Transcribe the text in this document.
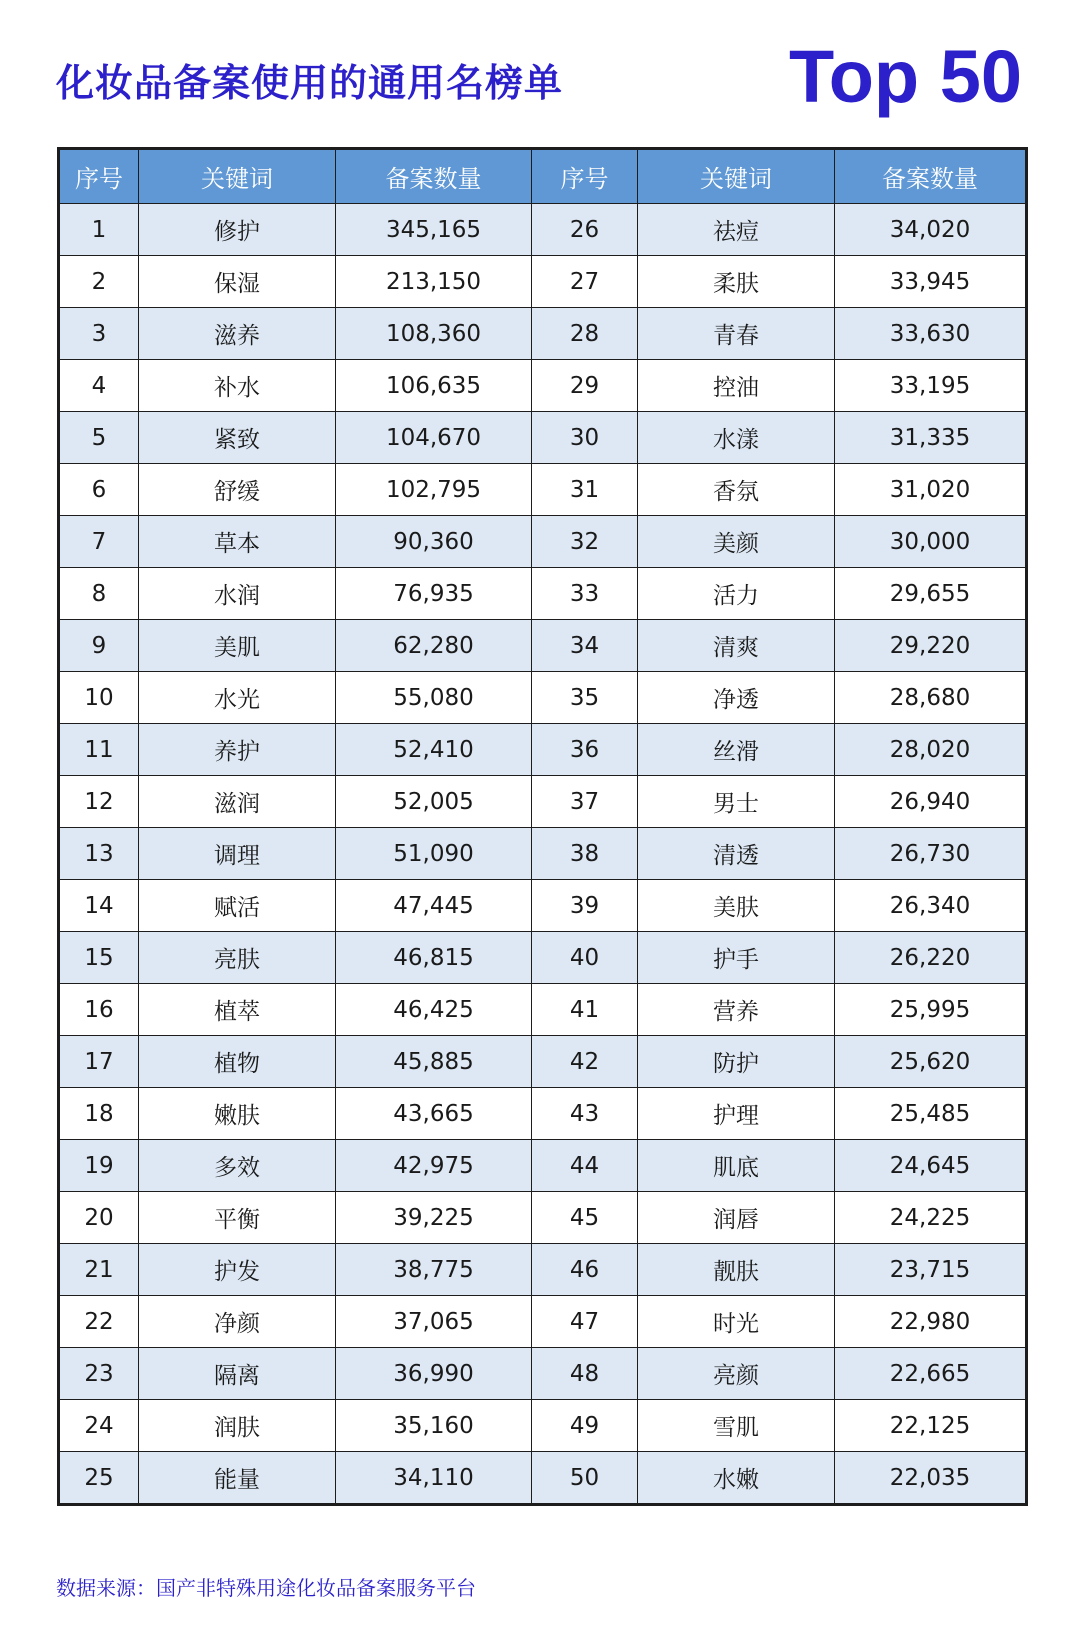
化妆品备案使用的通用名榜单	Top 50
序号	关键词	备案数量	序号	关键词	备案数量
1	修护	345,165	26	祛痘	34,020
2	保湿	213,150	27	柔肤	33,945
3	滋养	108,360	28	青春	33,630
4	补水	106,635	29	控油	33,195
5	紧致	104,670	30	水漾	31,335
6	舒缓	102,795	31	香氛	31,020
7	草本	90,360	32	美颜	30,000
8	水润	76,935	33	活力	29,655
9	美肌	62,280	34	清爽	29,220
10	水光	55,080	35	净透	28,680
11	养护	52,410	36	丝滑	28,020
12	滋润	52,005	37	男士	26,940
13	调理	51,090	38	清透	26,730
14	赋活	47,445	39	美肤	26,340
15	亮肤	46,815	40	护手	26,220
16	植萃	46,425	41	营养	25,995
17	植物	45,885	42	防护	25,620
18	嫩肤	43,665	43	护理	25,485
19	多效	42,975	44	肌底	24,645
20	平衡	39,225	45	润唇	24,225
21	护发	38,775	46	靓肤	23,715
22	净颜	37,065	47	时光	22,980
23	隔离	36,990	48	亮颜	22,665
24	润肤	35,160	49	雪肌	22,125
25	能量	34,110	50	水嫩	22,035
数据来源：国产非特殊用途化妆品备案服务平台
